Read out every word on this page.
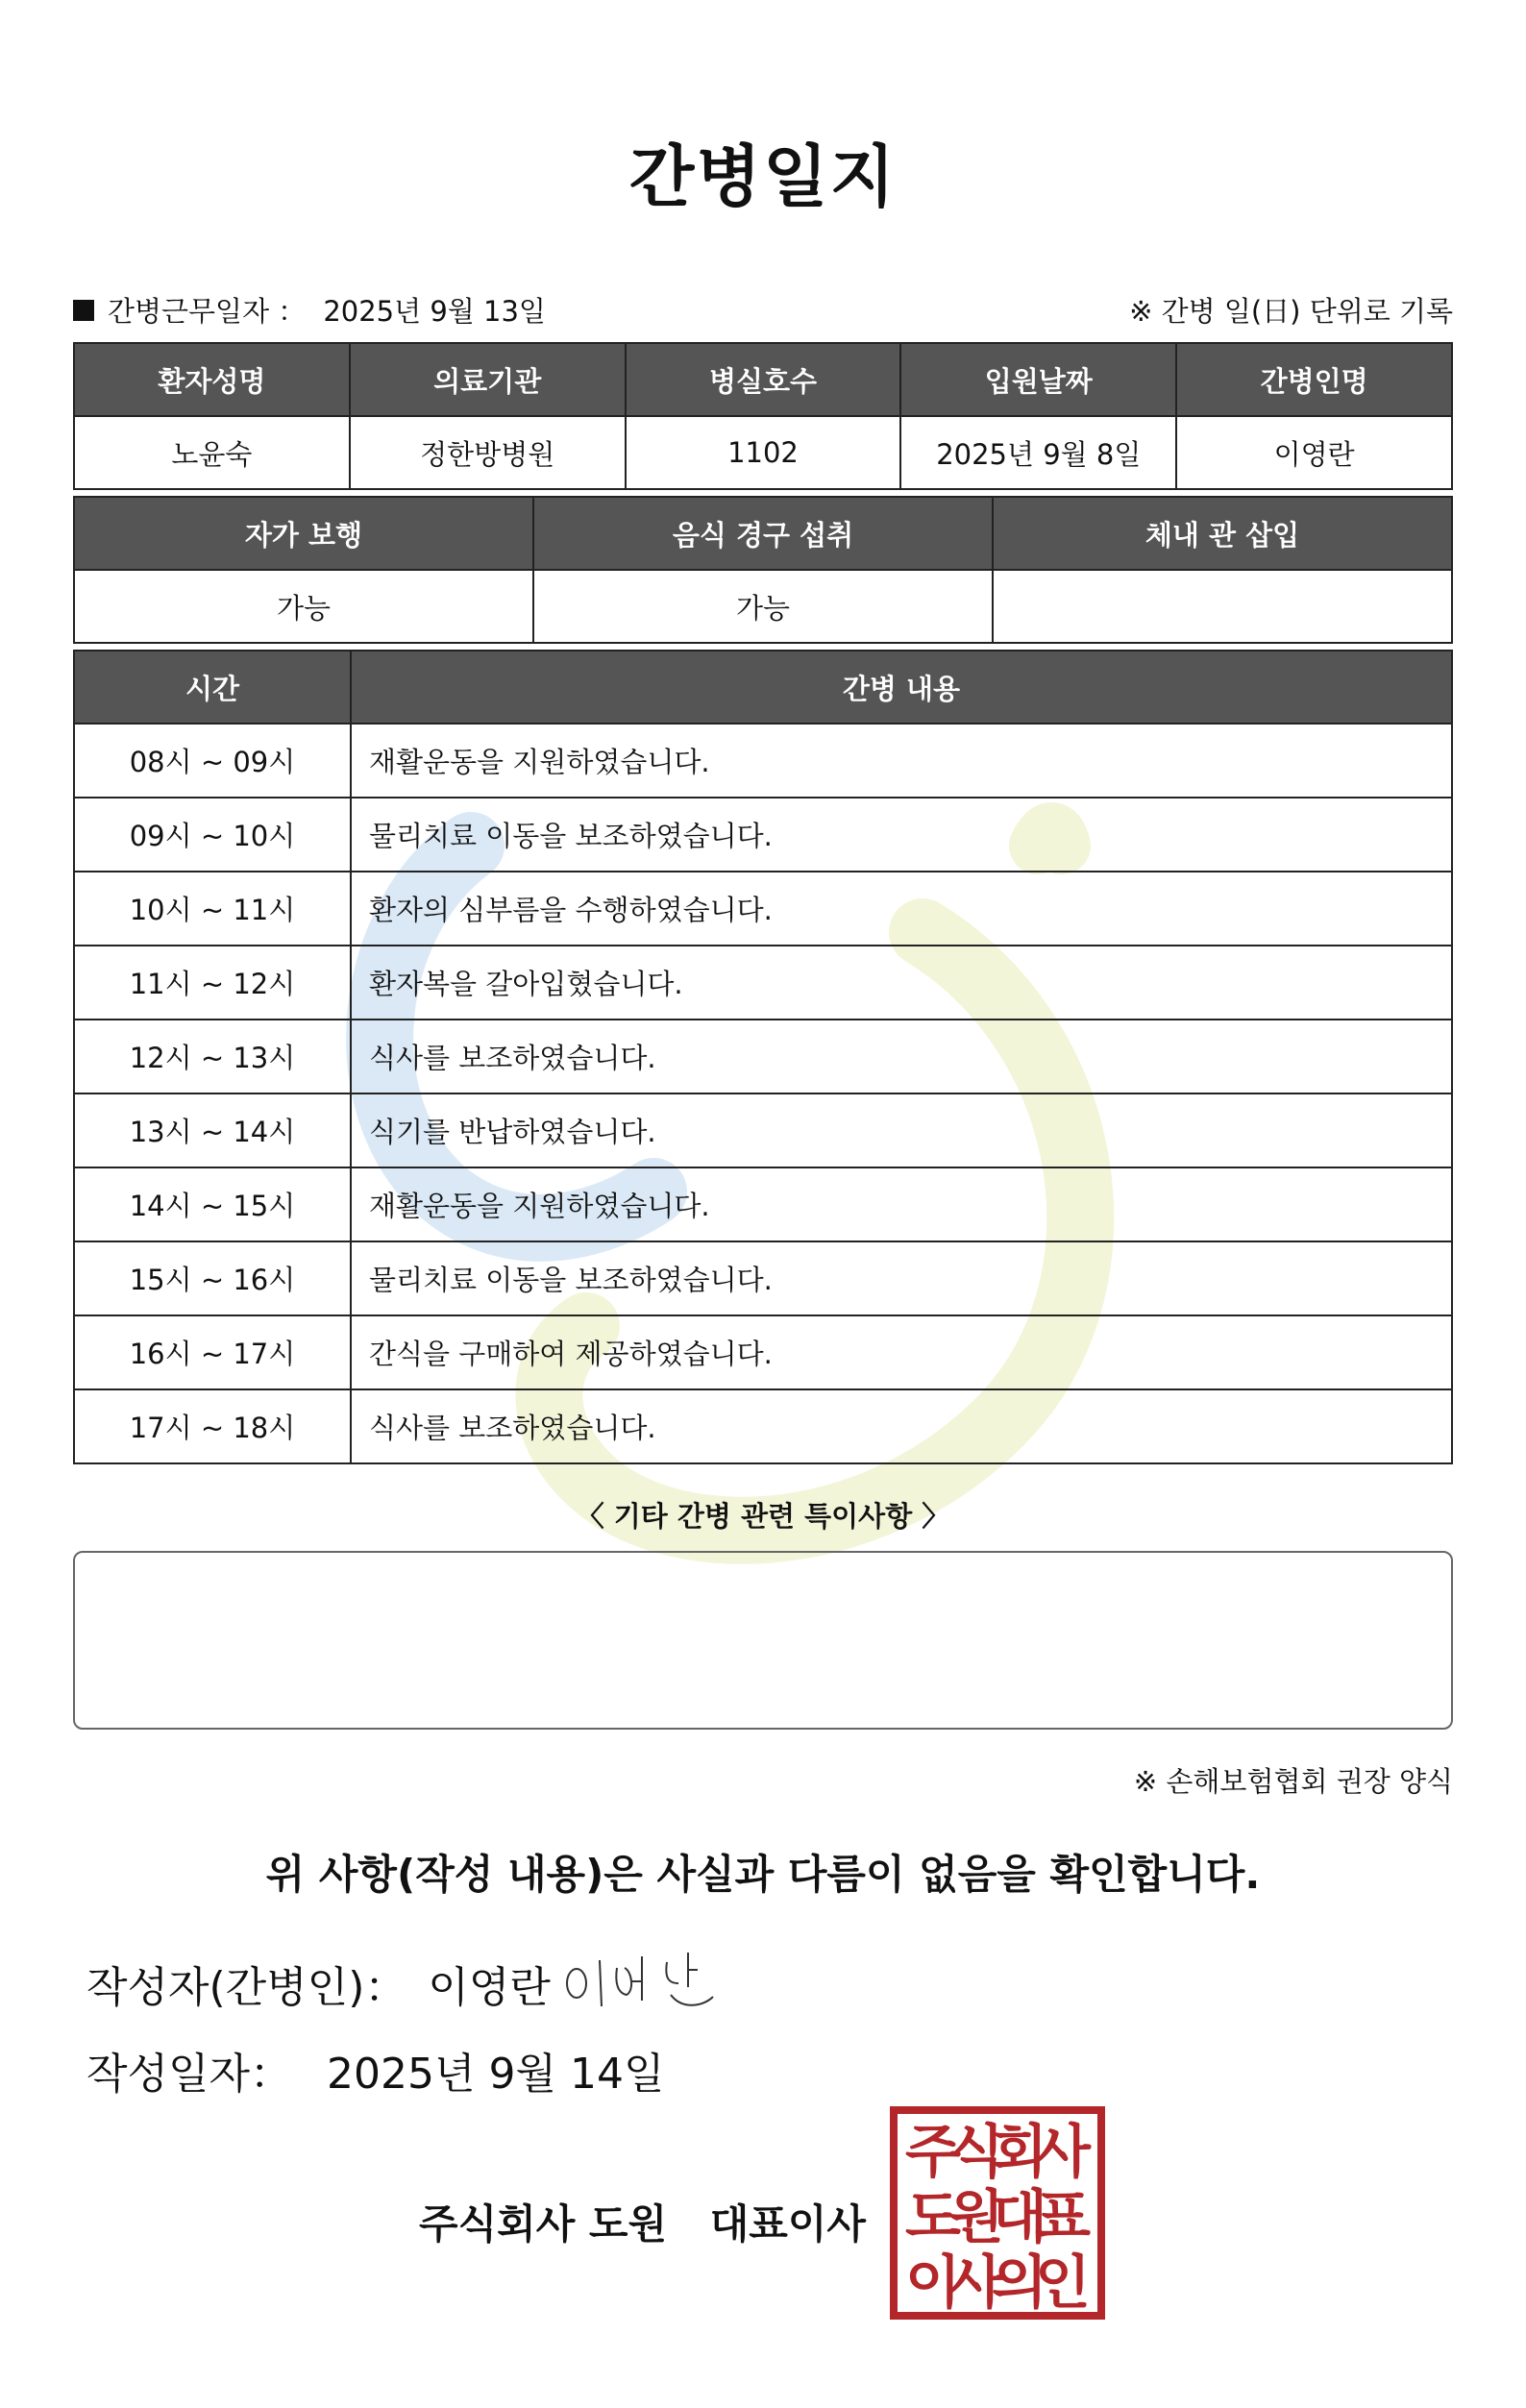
간병일지
간병근무일자 ： 2025년 9월 13일	※ 간병 일(日) 단위로 기록
환자성명	의료기관	병실호수	입원날짜	간병인명
노윤숙	정한방병원	1102	2025년 9월 8일	이영란
자가 보행	음식 경구 섭취	체내 관 삽입
가능	가능	
시간	간병 내용
08시 ~ 09시	재활운동을 지원하였습니다.
09시 ~ 10시	물리치료 이동을 보조하였습니다.
10시 ~ 11시	환자의 심부름을 수행하였습니다.
11시 ~ 12시	환자복을 갈아입혔습니다.
12시 ~ 13시	식사를 보조하였습니다.
13시 ~ 14시	식기를 반납하였습니다.
14시 ~ 15시	재활운동을 지원하였습니다.
15시 ~ 16시	물리치료 이동을 보조하였습니다.
16시 ~ 17시	간식을 구매하여 제공하였습니다.
17시 ~ 18시	식사를 보조하였습니다.
〈 기타 간병 관련 특이사항 〉
※ 손해보험협회 권장 양식
위 사항(작성 내용)은 사실과 다름이 없음을 확인합니다.
작성자(간병인)： 이영란
작성일자： 2025년 9월 14일
주식회사 도원 대표이사
주
식
회
사
도
원
대
표
이
사
의
인
